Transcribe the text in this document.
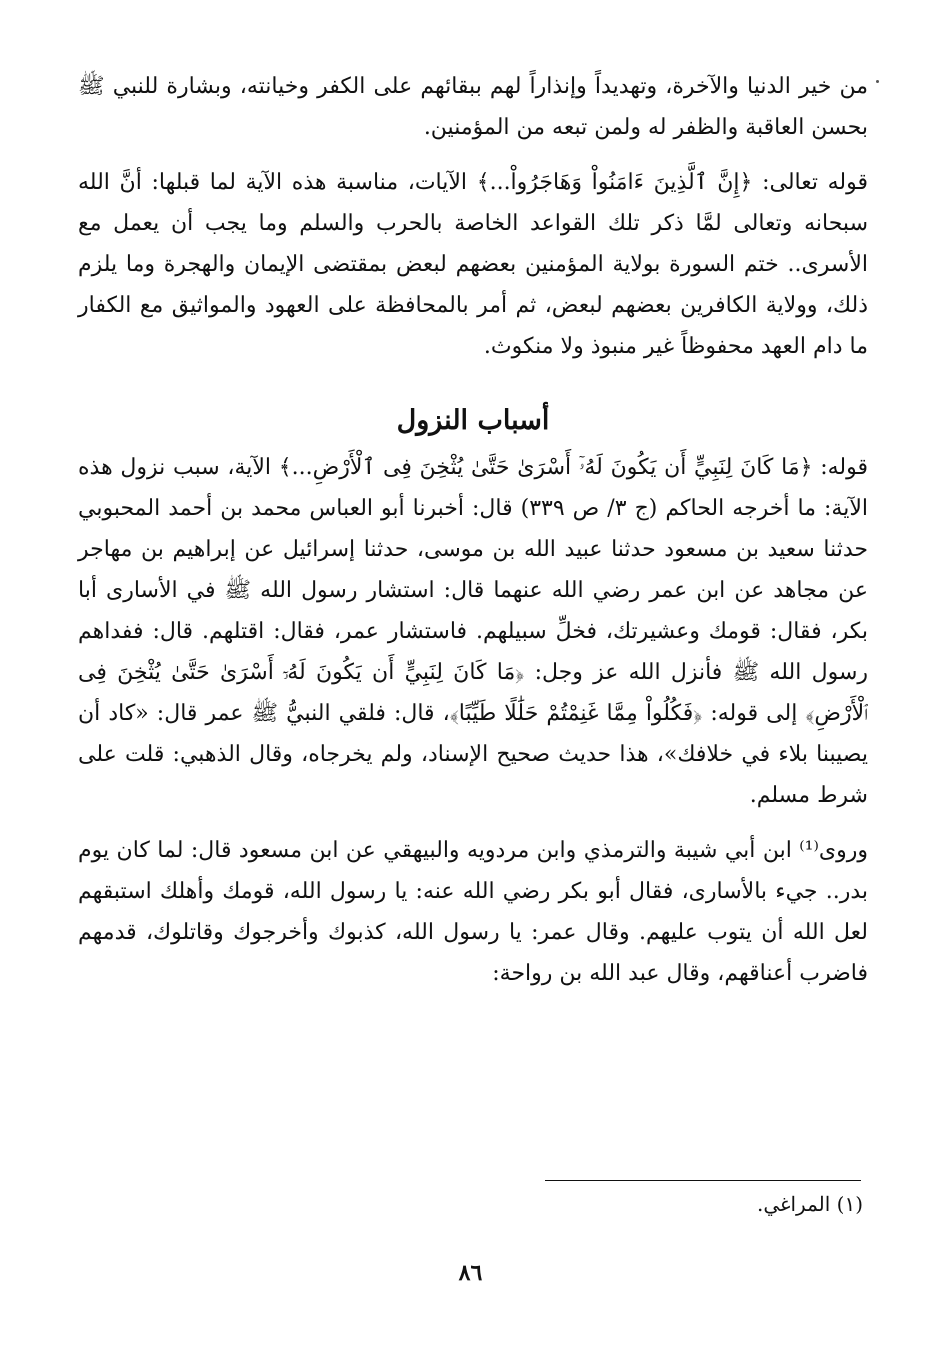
من خير الدنيا والآخرة، وتهديداً وإنذاراً لهم ببقائهم على الكفر وخيانته، وبشارة للنبي ﷺ بحسن العاقبة والظفر له ولمن تبعه من المؤمنين.

قوله تعالى: ﴿إِنَّ ٱلَّذِينَ ءَامَنُواْ وَهَاجَرُواْ...﴾ الآيات، مناسبة هذه الآية لما قبلها: أنَّ الله سبحانه وتعالى لمَّا ذكر تلك القواعد الخاصة بالحرب والسلم وما يجب أن يعمل مع الأسرى.. ختم السورة بولاية المؤمنين بعضهم لبعض بمقتضى الإيمان والهجرة وما يلزم ذلك، وولاية الكافرين بعضهم لبعض، ثم أمر بالمحافظة على العهود والمواثيق مع الكفار ما دام العهد محفوظاً غير منبوذ ولا منكوث.

أسباب النزول

قوله: ﴿مَا كَانَ لِنَبِيٍّ أَن يَكُونَ لَهُۥٓ أَسْرَىٰ حَتَّىٰ يُثْخِنَ فِى ٱلْأَرْضِ...﴾ الآية، سبب نزول هذه الآية: ما أخرجه الحاكم (ج ٣/ ص ٣٣٩) قال: أخبرنا أبو العباس محمد بن أحمد المحبوبي حدثنا سعيد بن مسعود حدثنا عبيد الله بن موسى، حدثنا إسرائيل عن إبراهيم بن مهاجر عن مجاهد عن ابن عمر رضي الله عنهما قال: استشار رسول الله ﷺ في الأسارى أبا بكر، فقال: قومك وعشيرتك، فخلِّ سبيلهم. فاستشار عمر، فقال: اقتلهم. قال: ففداهم رسول الله ﷺ فأنزل الله عز وجل: ﴿مَا كَانَ لِنَبِيٍّ أَن يَكُونَ لَهُۥٓ أَسْرَىٰ حَتَّىٰ يُثْخِنَ فِى ٱلْأَرْضِ﴾ إلى قوله: ﴿فَكُلُواْ مِمَّا غَنِمْتُمْ حَلَٰلًا طَيِّبًا﴾، قال: فلقي النبيُّ ﷺ عمر قال: «كاد أن يصيبنا بلاء في خلافك»، هذا حديث صحيح الإسناد، ولم يخرجاه، وقال الذهبي: قلت على شرط مسلم.

وروى⁽¹⁾ ابن أبي شيبة والترمذي وابن مردويه والبيهقي عن ابن مسعود قال: لما كان يوم بدر.. جيء بالأسارى، فقال أبو بكر رضي الله عنه: يا رسول الله، قومك وأهلك استبقهم لعل الله أن يتوب عليهم. وقال عمر: يا رسول الله، كذبوك وأخرجوك وقاتلوك، قدمهم فاضرب أعناقهم، وقال عبد الله بن رواحة:

(١) المراغي.
٨٦
